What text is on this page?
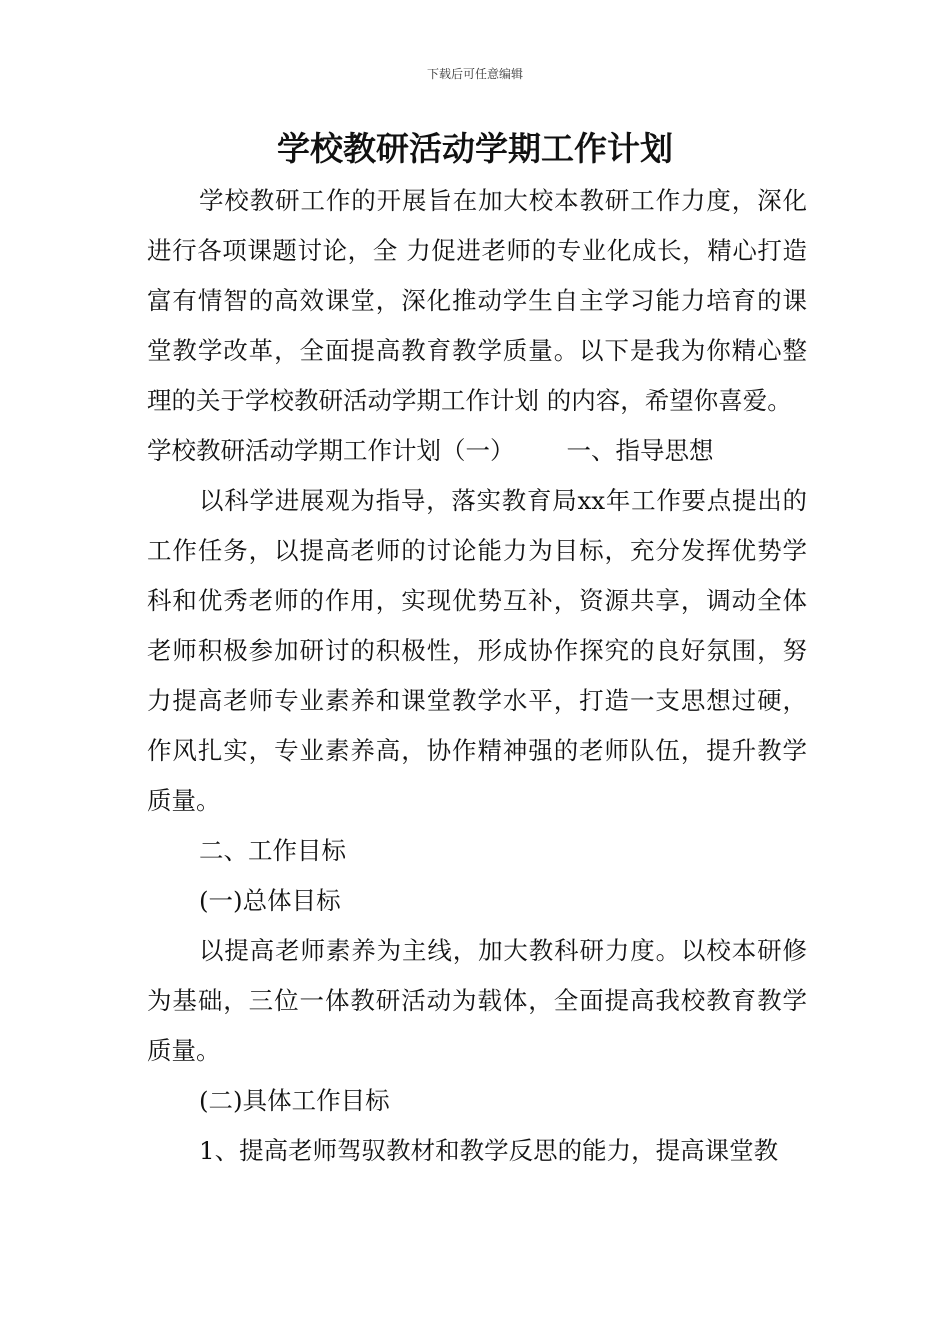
下载后可任意编辑
学校教研活动学期工作计划

学校教研工作的开展旨在加大校本教研工作力度，深化进行各项课题讨论，全 力促进老师的专业化成长，精心打造富有情智的高效课堂，深化推动学生自主学习能力培育的课堂教学改革，全面提高教育教学质量。以下是我为你精心整理的关于学校教研活动学期工作计划 的内容，希望你喜爱。

学校教研活动学期工作计划（一） 一、指导思想

以科学进展观为指导，落实教育局xx年工作要点提出的工作任务，以提高老师的讨论能力为目标，充分发挥优势学科和优秀老师的作用，实现优势互补，资源共享，调动全体老师积极参加研讨的积极性，形成协作探究的良好氛围，努力提高老师专业素养和课堂教学水平，打造一支思想过硬，作风扎实，专业素养高，协作精神强的老师队伍，提升教学质量。

二、工作目标

(一)总体目标

以提高老师素养为主线，加大教科研力度。以校本研修为基础，三位一体教研活动为载体，全面提高我校教育教学质量。

(二)具体工作目标

1、提高老师驾驭教材和教学反思的能力，提高课堂教
